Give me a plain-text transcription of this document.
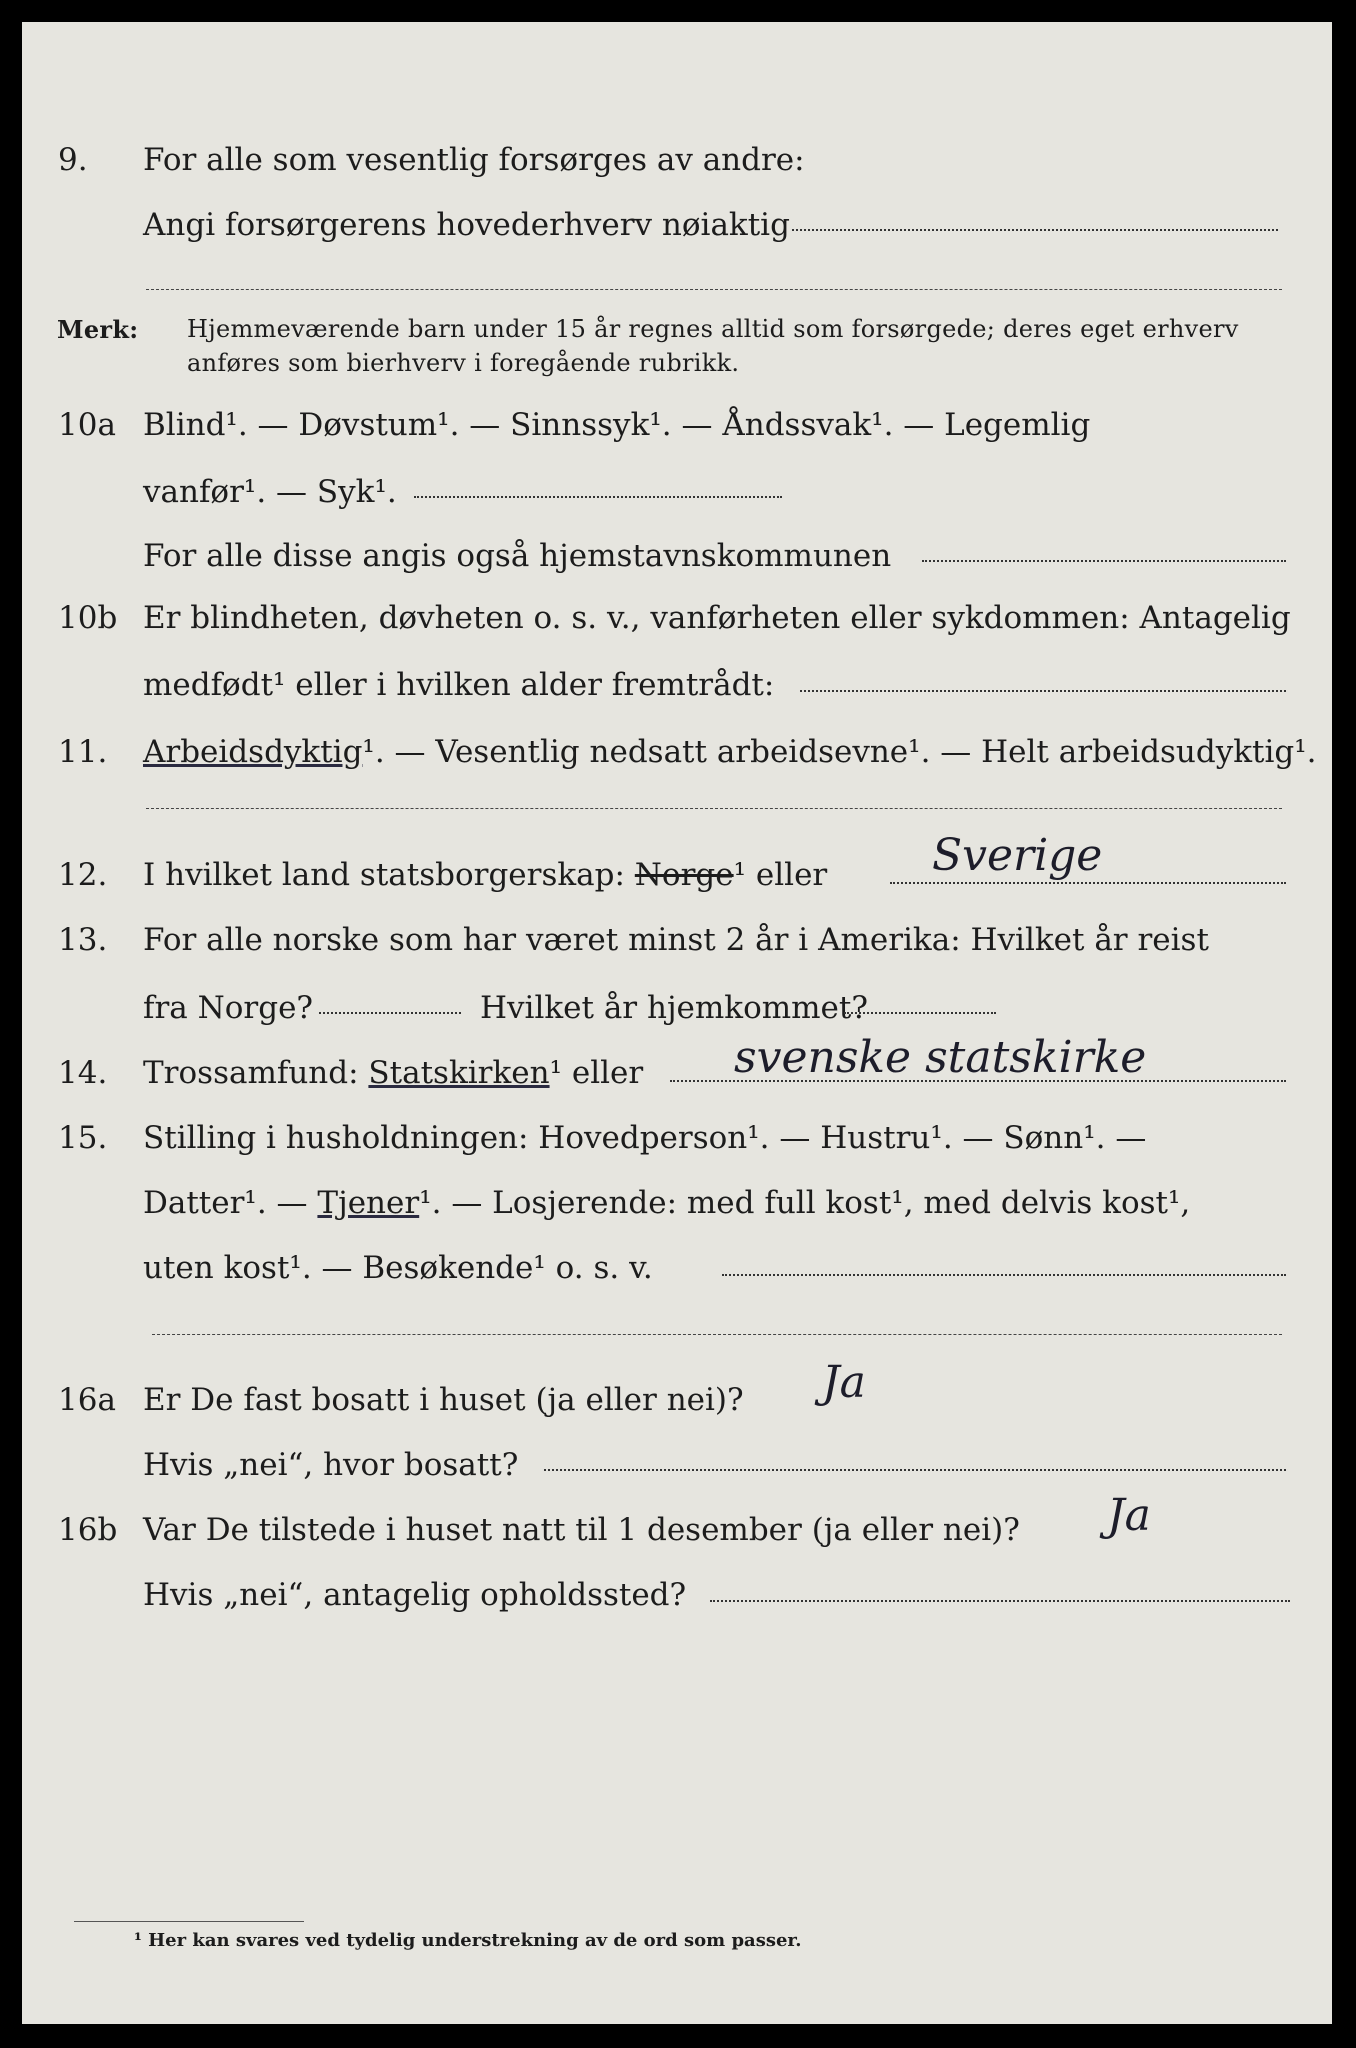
9. For alle som vesentlig forsørges av andre:
Angi forsørgerens hovederhverv nøiaktig
Merk: Hjemmeværende barn under 15 år regnes alltid som forsørgede; deres eget erhverv
anføres som bierhverv i foregående rubrikk.
10a Blind¹. — Døvstum¹. — Sinnssyk¹. — Åndssvak¹. — Legemlig
vanfør¹. — Syk¹.
For alle disse angis også hjemstavnskommunen
10b Er blindheten, døvheten o. s. v., vanførheten eller sykdommen: Antagelig
medfødt¹ eller i hvilken alder fremtrådt:
11. Arbeidsdyktig¹. — Vesentlig nedsatt arbeidsevne¹. — Helt arbeidsudyktig¹.
12. I hvilket land statsborgerskap: Norge¹ eller Sverige
13. For alle norske som har været minst 2 år i Amerika: Hvilket år reist
fra Norge?	Hvilket år hjemkommet?
14. Trossamfund: Statskirken¹ eller svenske statskirke
15. Stilling i husholdningen: Hovedperson¹. — Hustru¹. — Sønn¹. —
Datter¹. — Tjener¹. — Losjerende: med full kost¹, med delvis kost¹,
uten kost¹. — Besøkende¹ o. s. v.
16a Er De fast bosatt i huset (ja eller nei)? Ja
Hvis „nei“, hvor bosatt?
16b Var De tilstede i huset natt til 1 desember (ja eller nei)? Ja
Hvis „nei“, antagelig opholdssted?
¹ Her kan svares ved tydelig understrekning av de ord som passer.
